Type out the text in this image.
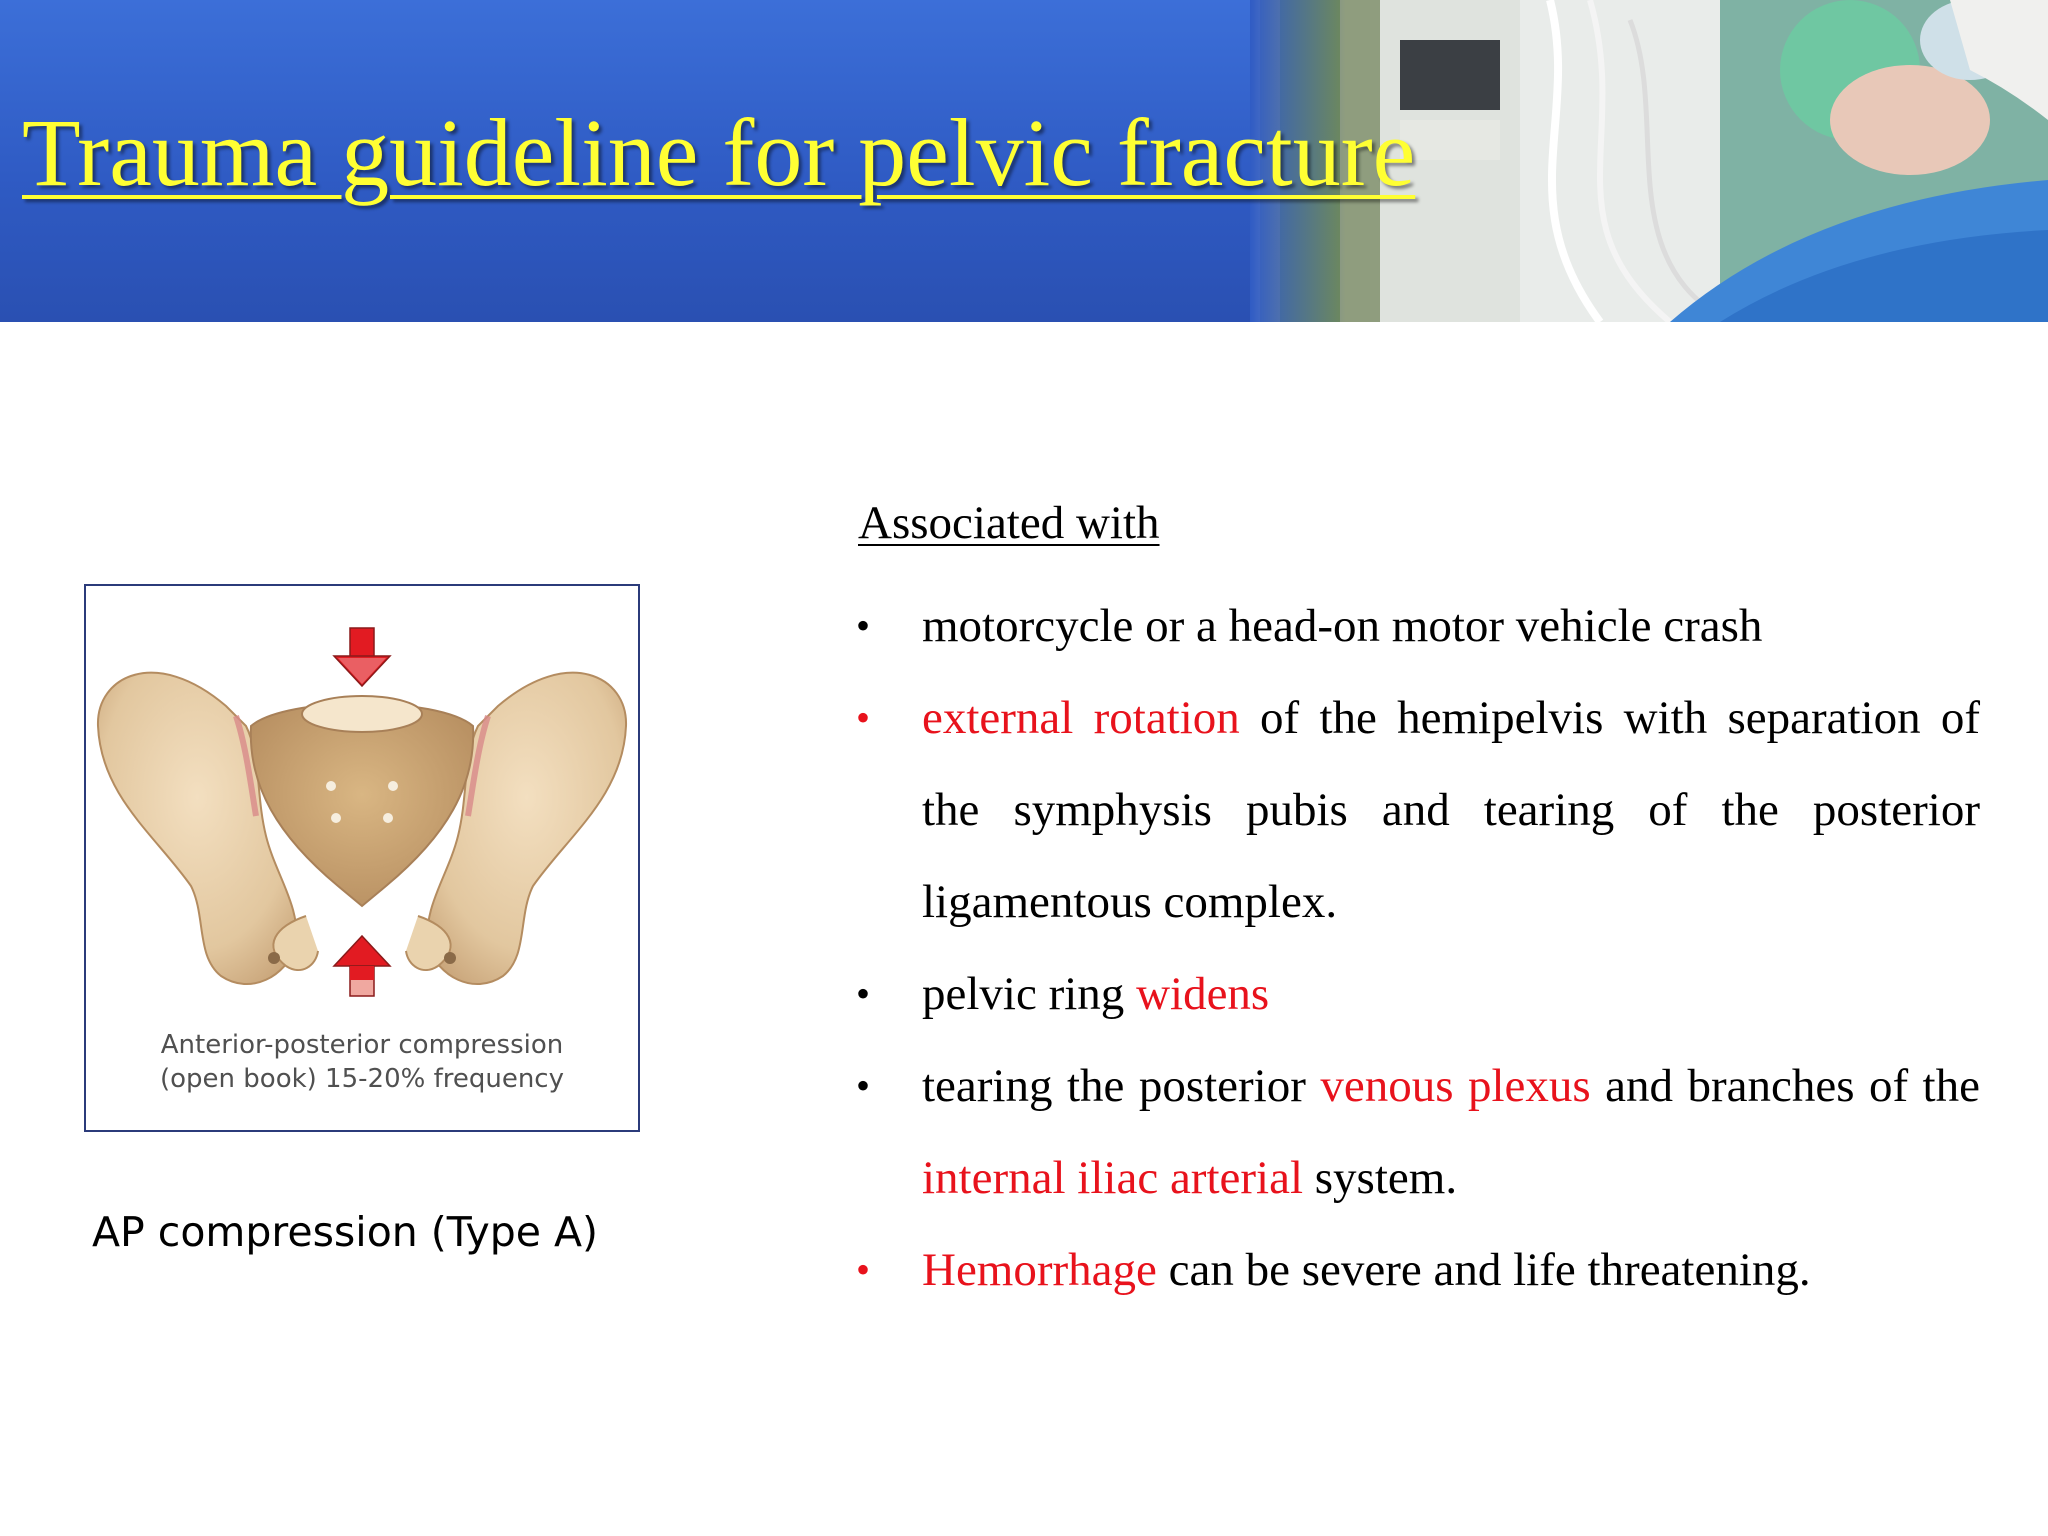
Trauma guideline for pelvic fracture
Anterior-posterior compression
(open book) 15-20% frequency
AP compression (Type A)
Associated with
• motorcycle or a head-on motor vehicle crash
• external rotation of the hemipelvis with separation of the symphysis pubis and tearing of the posterior ligamentous complex.
• pelvic ring widens
• tearing the posterior venous plexus and branches of the internal iliac arterial system.
• Hemorrhage can be severe and life threatening.
